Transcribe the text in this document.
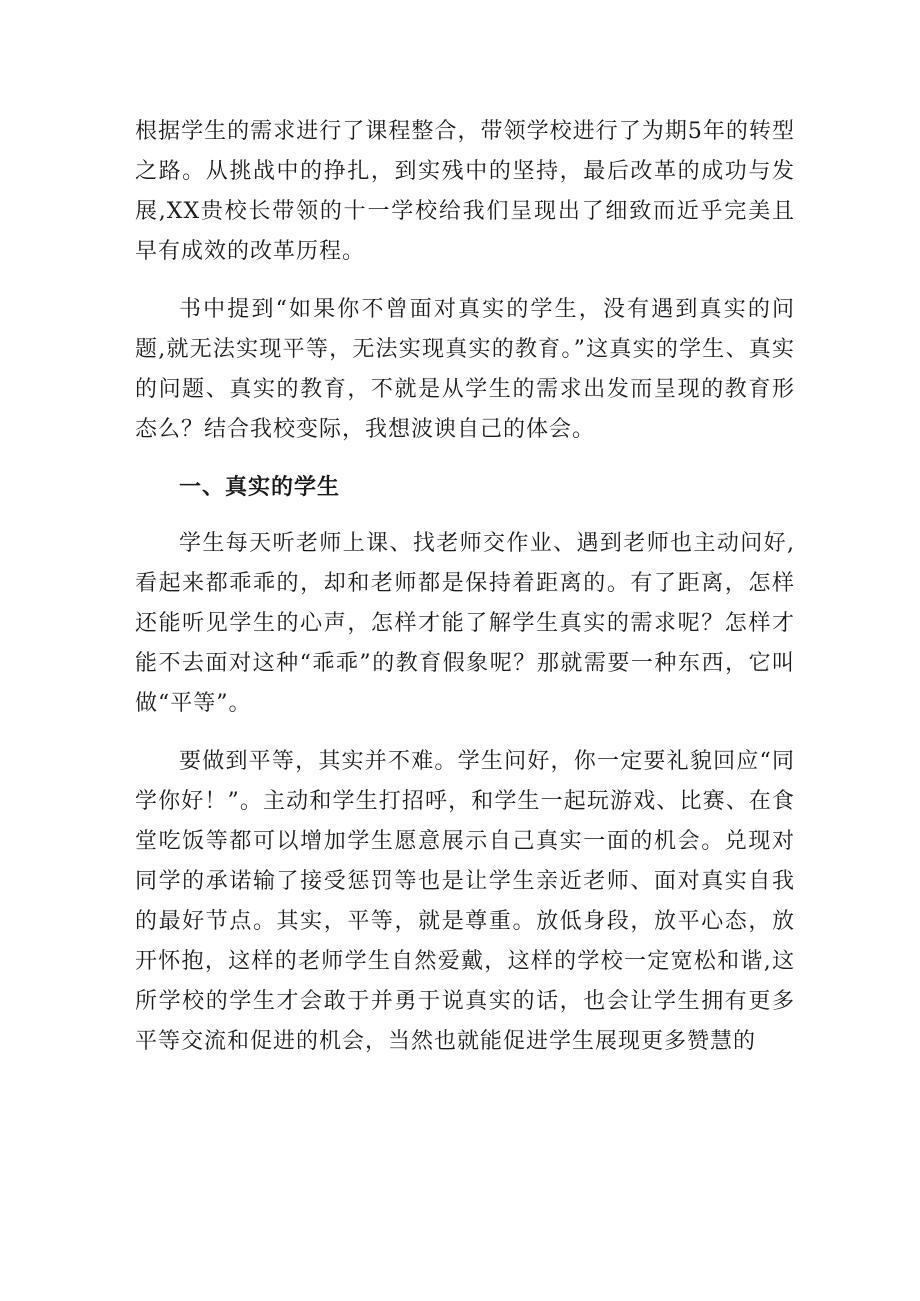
根据学生的需求进行了课程整合，带领学校进行了为期5年的转型之路。从挑战中的挣扎，到实残中的坚持，最后改革的成功与发展,XX贵校长带领的十一学校给我们呈现出了细致而近乎完美且早有成效的改革历程。

书中提到“如果你不曾面对真实的学生，没有遇到真实的问题,就无法实现平等，无法实现真实的教育。”这真实的学生、真实的问题、真实的教育，不就是从学生的需求出发而呈现的教育形态么？结合我校变际，我想波谀自己的体会。

一、真实的学生

学生每天听老师上课、找老师交作业、遇到老师也主动问好,看起来都乖乖的，却和老师都是保持着距离的。有了距离，怎样还能听见学生的心声，怎样才能了解学生真实的需求呢？怎样才能不去面对这种“乖乖”的教育假象呢？那就需要一种东西，它叫做“平等”。

要做到平等，其实并不难。学生问好，你一定要礼貌回应“同学你好！”。主动和学生打招呼，和学生一起玩游戏、比赛、在食堂吃饭等都可以增加学生愿意展示自己真实一面的机会。兑现对同学的承诺输了接受惩罚等也是让学生亲近老师、面对真实自我的最好节点。其实，平等，就是尊重。放低身段，放平心态，放开怀抱，这样的老师学生自然爱戴，这样的学校一定宽松和谐,这所学校的学生才会敢于并勇于说真实的话，也会让学生拥有更多平等交流和促进的机会，当然也就能促进学生展现更多赞慧的
